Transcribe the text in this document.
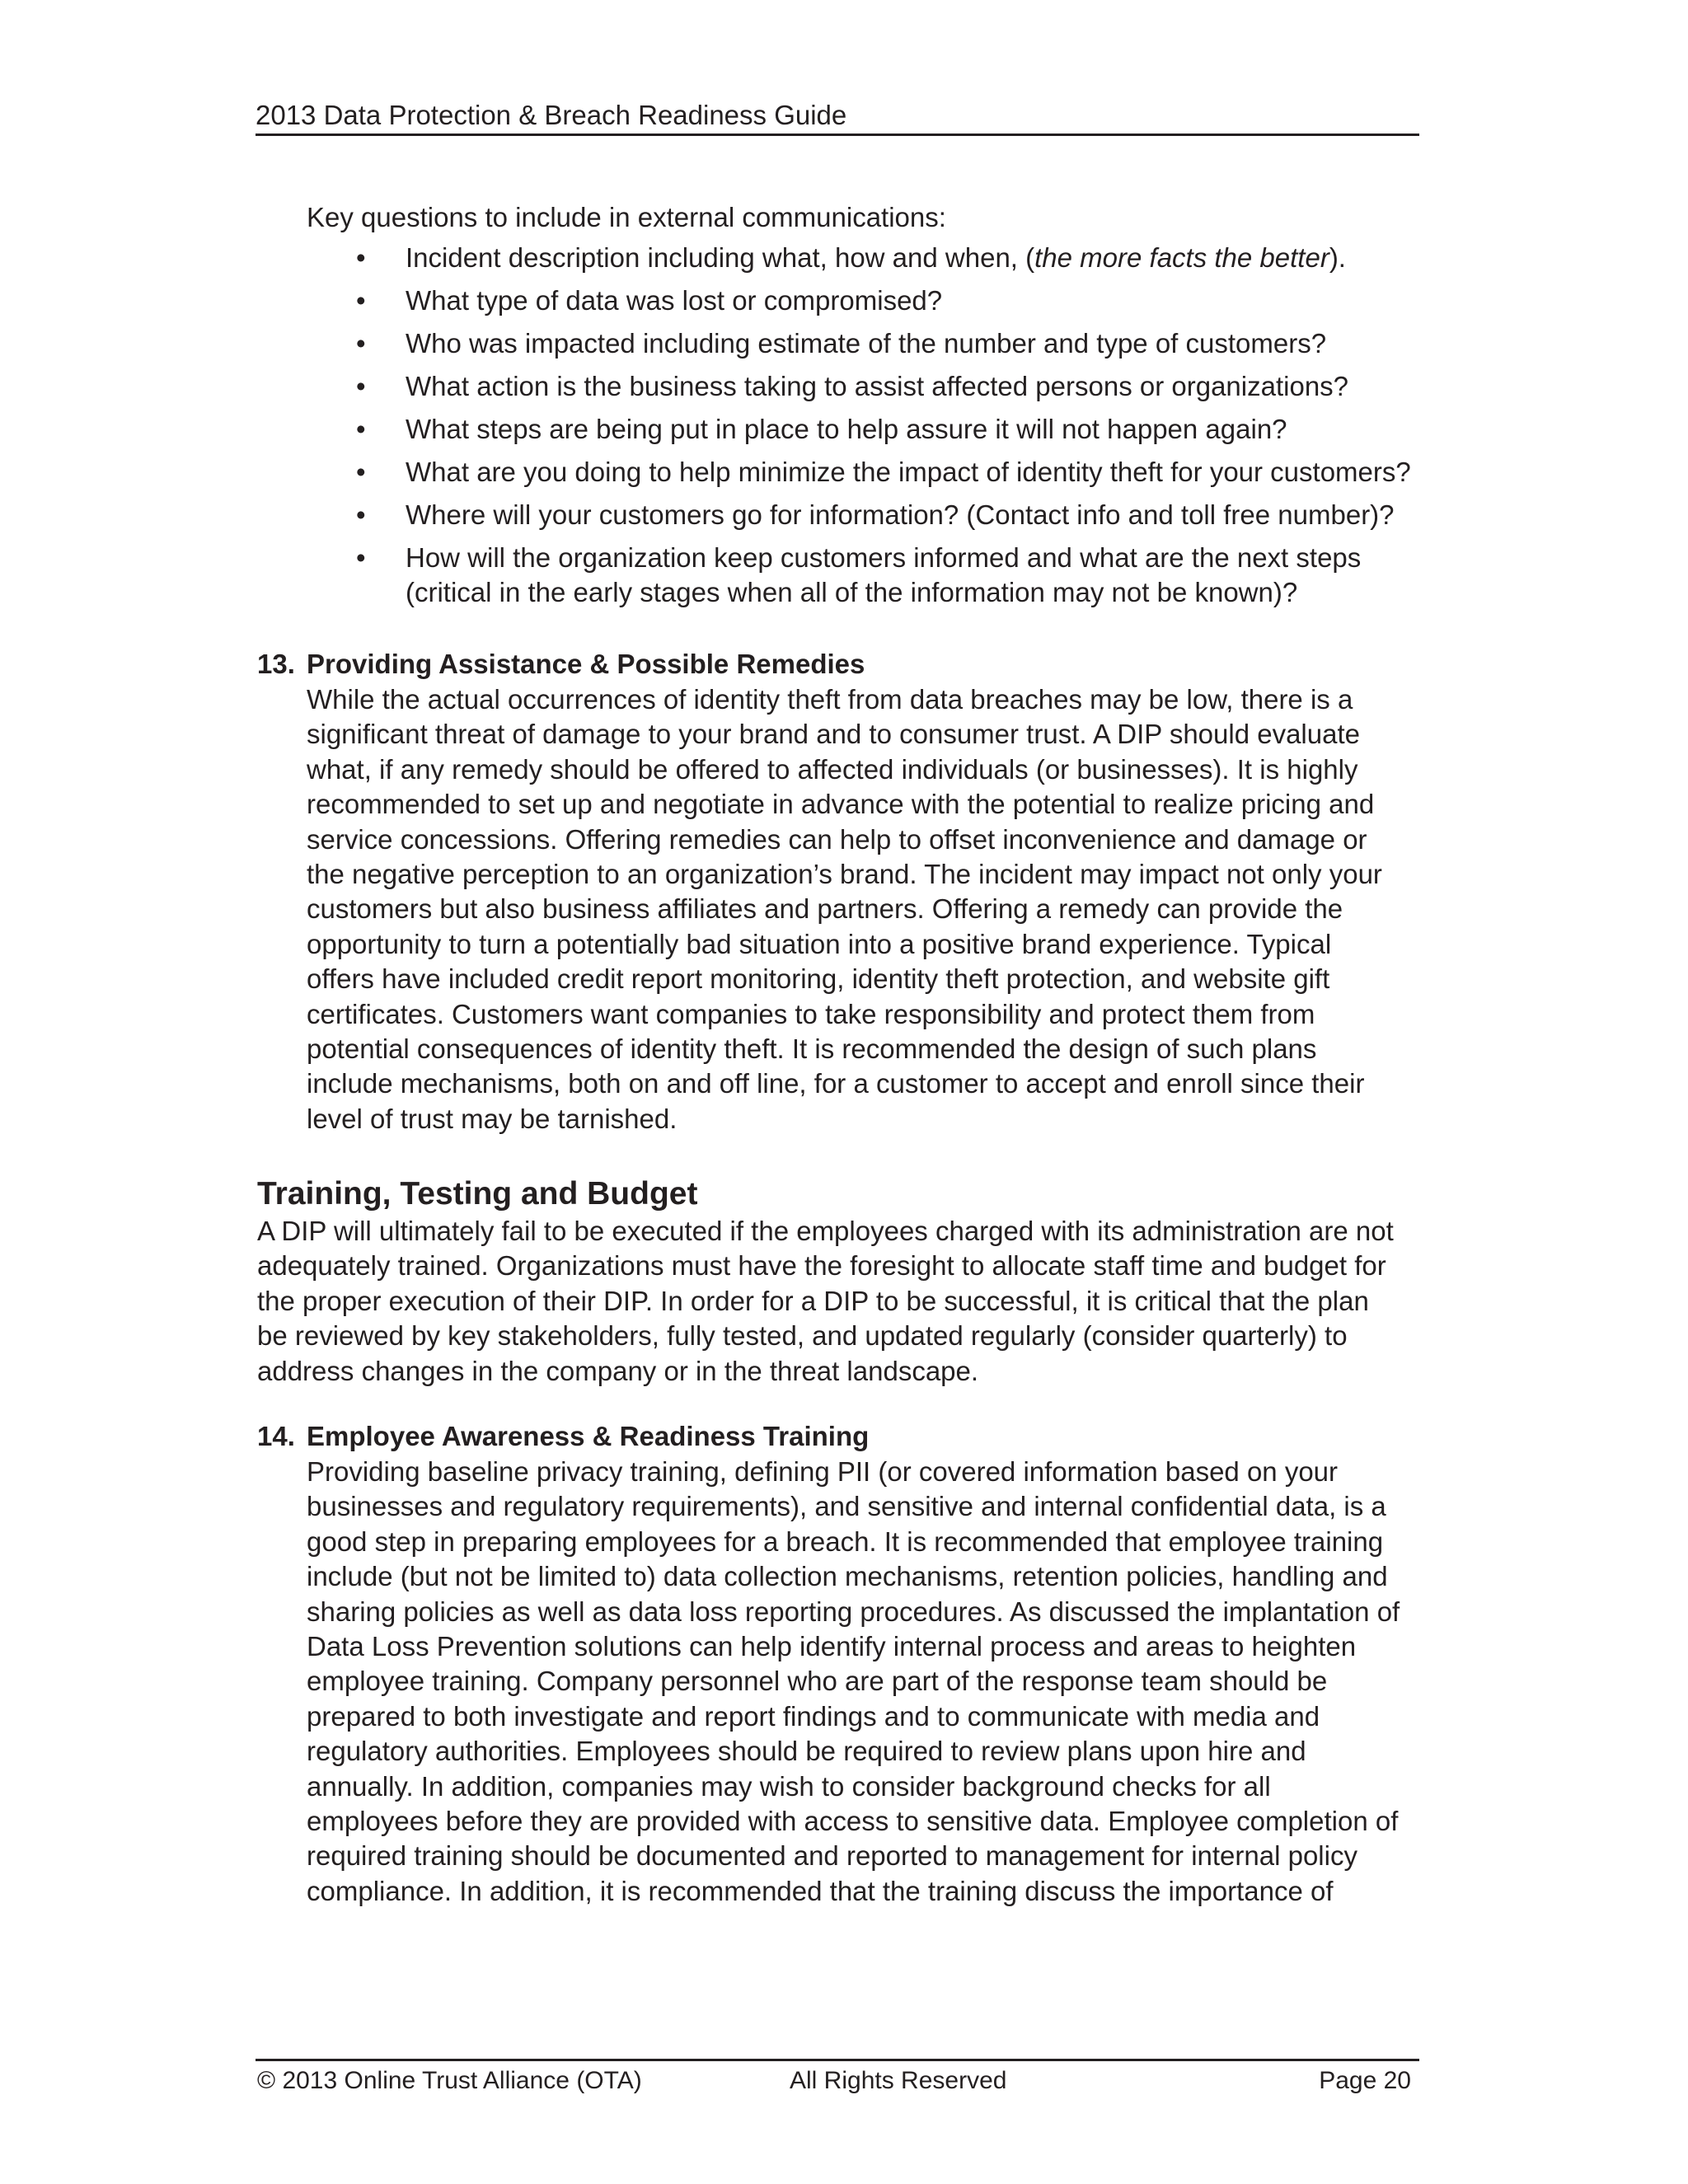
2013 Data Protection & Breach Readiness Guide
Key questions to include in external communications:
• Incident description including what, how and when, (the more facts the better).
• What type of data was lost or compromised?
• Who was impacted including estimate of the number and type of customers?
• What action is the business taking to assist affected persons or organizations?
• What steps are being put in place to help assure it will not happen again?
• What are you doing to help minimize the impact of identity theft for your customers?
• Where will your customers go for information? (Contact info and toll free number)?
• How will the organization keep customers informed and what are the next steps
(critical in the early stages when all of the information may not be known)?
13. Providing Assistance & Possible Remedies
While the actual occurrences of identity theft from data breaches may be low, there is a
significant threat of damage to your brand and to consumer trust. A DIP should evaluate
what, if any remedy should be offered to affected individuals (or businesses). It is highly
recommended to set up and negotiate in advance with the potential to realize pricing and
service concessions. Offering remedies can help to offset inconvenience and damage or
the negative perception to an organization’s brand. The incident may impact not only your
customers but also business affiliates and partners. Offering a remedy can provide the
opportunity to turn a potentially bad situation into a positive brand experience. Typical
offers have included credit report monitoring, identity theft protection, and website gift
certificates. Customers want companies to take responsibility and protect them from
potential consequences of identity theft. It is recommended the design of such plans
include mechanisms, both on and off line, for a customer to accept and enroll since their
level of trust may be tarnished.
Training, Testing and Budget
A DIP will ultimately fail to be executed if the employees charged with its administration are not
adequately trained. Organizations must have the foresight to allocate staff time and budget for
the proper execution of their DIP. In order for a DIP to be successful, it is critical that the plan
be reviewed by key stakeholders, fully tested, and updated regularly (consider quarterly) to
address changes in the company or in the threat landscape.
14. Employee Awareness & Readiness Training
Providing baseline privacy training, defining PII (or covered information based on your
businesses and regulatory requirements), and sensitive and internal confidential data, is a
good step in preparing employees for a breach. It is recommended that employee training
include (but not be limited to) data collection mechanisms, retention policies, handling and
sharing policies as well as data loss reporting procedures. As discussed the implantation of
Data Loss Prevention solutions can help identify internal process and areas to heighten
employee training. Company personnel who are part of the response team should be
prepared to both investigate and report findings and to communicate with media and
regulatory authorities. Employees should be required to review plans upon hire and
annually. In addition, companies may wish to consider background checks for all
employees before they are provided with access to sensitive data. Employee completion of
required training should be documented and reported to management for internal policy
compliance. In addition, it is recommended that the training discuss the importance of
© 2013 Online Trust Alliance (OTA)	All Rights Reserved	Page 20
